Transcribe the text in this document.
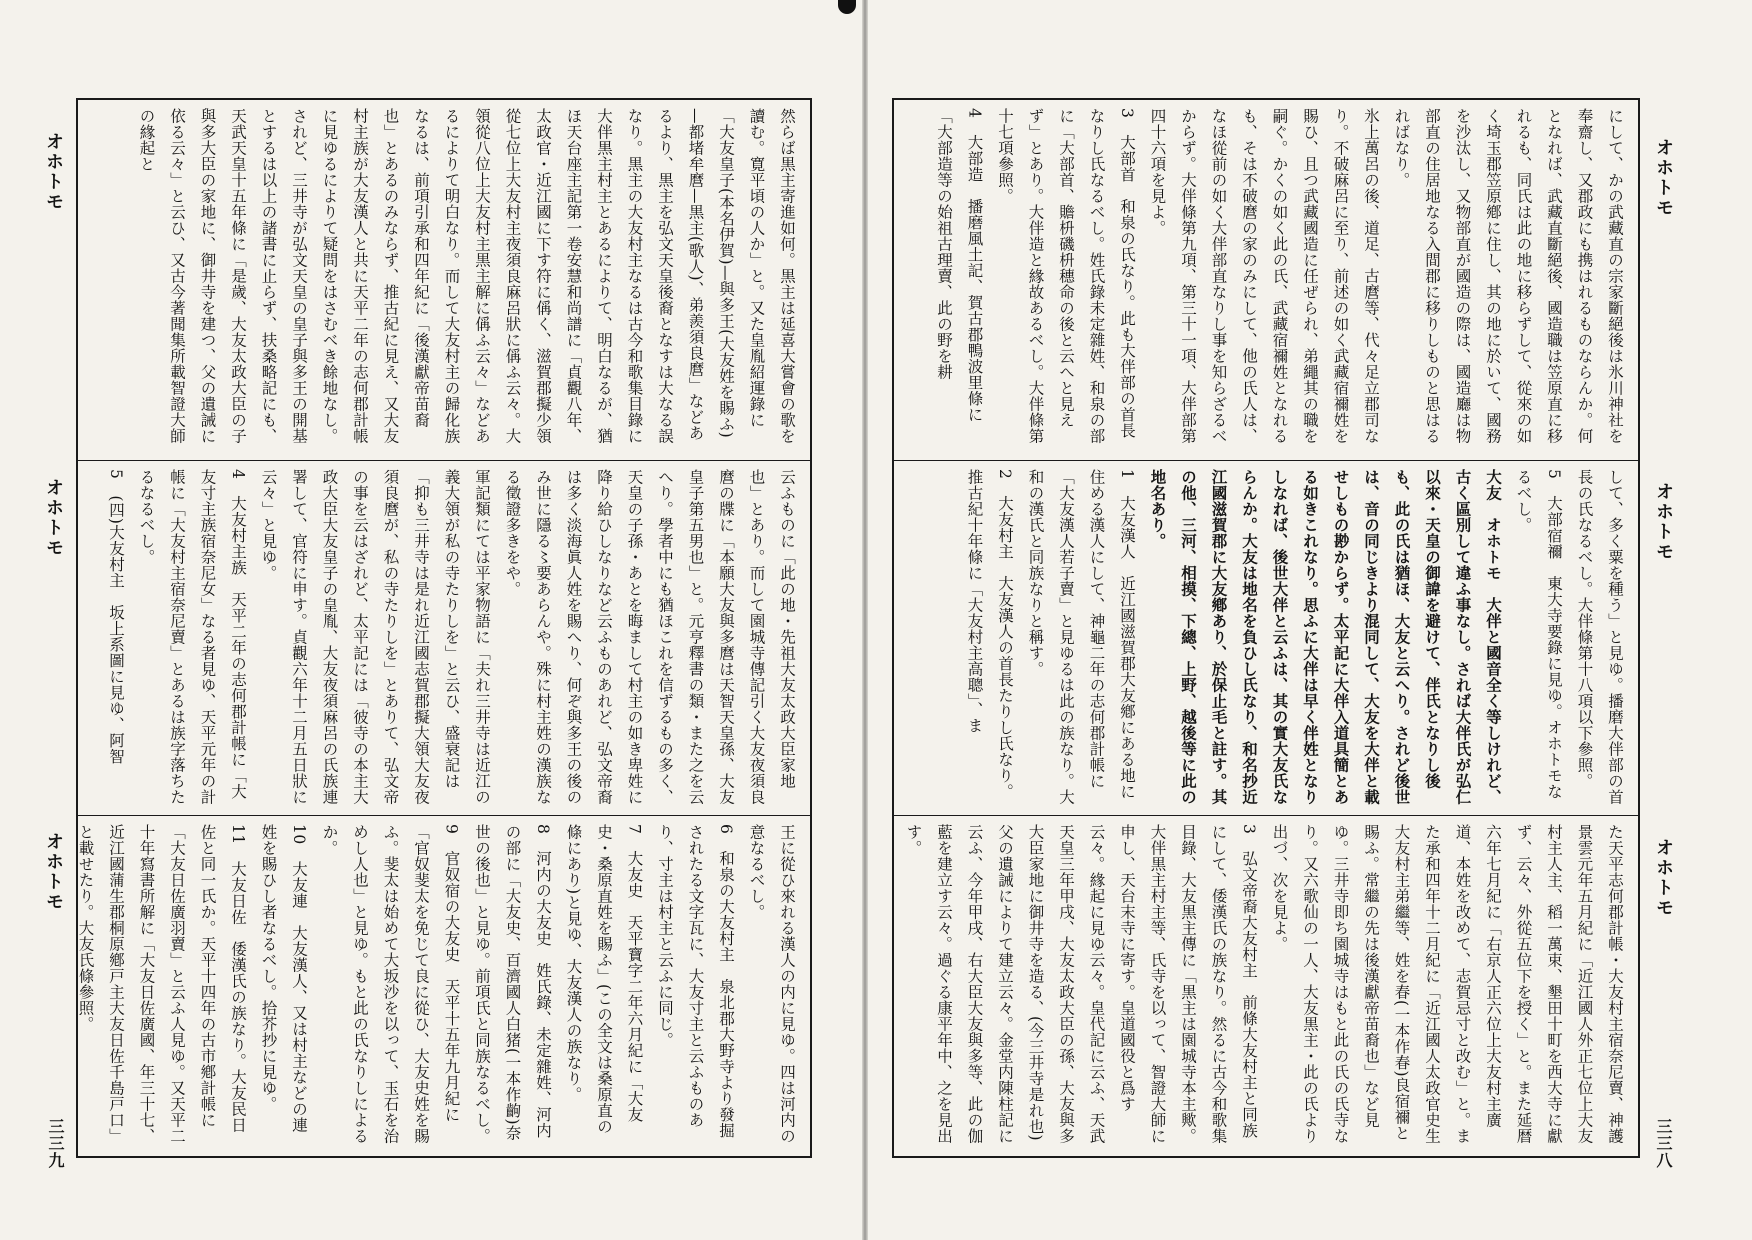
オホトモ
オホトモ
オホトモ
三三九

然らば黒主寄進如何。黒主は延喜大嘗會の歌を讀む。寛平頃の人か」と。又た皇胤紹運錄に「大友皇子(本名伊賀)—與多王(大友姓を賜ふ)—都堵牟麿—黒主(歌人)、弟羨須良麿」などあるより、黒主を弘文天皇後裔となすは大なる誤なり。黒主の大友村主なるは古今和歌集目錄に大伴黒主村主とあるによりて、明白なるが、猶ほ天台座主記第一卷安慧和尚譜に「貞觀八年、太政官・近江國に下す符に偁く、滋賀郡擬少領從七位上大友村主夜須良麻呂狀に偁ふ云々。大領從八位上大友村主黒主解に偁ふ云々」などあるによりて明白なり。而して大友村主の歸化族なるは、前項引承和四年紀に「後漢獻帝苗裔也」とあるのみならず、推古紀に見え、又大友村主族が大友漢人と共に天平二年の志何郡計帳に見ゆるによりて疑問をはさむべき餘地なし。

されど、三井寺が弘文天皇の皇子與多王の開基とするは以上の諸書に止らず、扶桑略記にも、天武天皇十五年條に「是歲、大友太政大臣の子與多大臣の家地に、御井寺を建つ、父の遺誡に依る云々」と云ひ、又古今著聞集所載智證大師の緣起と

云ふものに「此の地・先祖大友太政大臣家地也」とあり。而して園城寺傳記引く大友夜須良麿の牒に「本願大友與多麿は天智天皇孫、大友皇子第五男也」と。元亨釋書の類・また之を云へり。學者中にも猶ほこれを信ずるもの多く、天皇の子孫・あとを晦まして村主の如き卑姓に降り給ひしなりなど云ふものあれど、弘文帝裔は多く淡海眞人姓を賜へり、何ぞ與多王の後のみ世に隱る〻要あらんや。殊に村主姓の漢族なる徵證多きをや。

軍記類にては平家物語に「夫れ三井寺は近江の義大領が私の寺たりしを」と云ひ、盛衰記は「抑も三井寺は是れ近江國志賀郡擬大領大友夜須良麿が、私の寺たりしを」とありて、弘文帝の事を云はざれど、太平記には「彼寺の本主大政大臣大友皇子の皇胤、大友夜須麻呂の氏族連署して、官符に申す。貞觀六年十二月五日狀に云々」と見ゆ。

4　大友村主族　天平二年の志何郡計帳に「大友寸主族宿奈尼女」なる者見ゆ、天平元年の計帳に「大友村主宿奈尼賣」とあるは族字落ちたるなるべし。

5　(四)大友村主　坂上系圖に見ゆ、阿智

王に從ひ來れる漢人の内に見ゆ。四は河内の意なるべし。

6　和泉の大友村主　泉北郡大野寺より發掘されたる文字瓦に、大友寸主と云ふものあり、寸主は村主と云ふに同じ。

7　大友史　天平寶字二年六月紀に「大友史・桑原直姓を賜ふ」(この全文は桑原直の條にあり)と見ゆ、大友漢人の族なり。

8　河内の大友史　姓氏錄、未定雜姓、河内の部に「大友史、百濟國人白猪(一本作齣)奈世の後也」と見ゆ。前項氏と同族なるべし。

9　官奴宿の大友史　天平十五年九月紀に「官奴斐太を免じて良に從ひ、大友史姓を賜ふ。斐太は始めて大坂沙を以って、玉石を治めし人也」と見ゆ。もと此の氏なりしによるか。

10　大友連　大友漢人、又は村主などの連姓を賜ひし者なるべし。拾芥抄に見ゆ。

11　大友日佐　倭漢氏の族なり。大友民日佐と同一氏か。天平十四年の古市鄕計帳に「大友日佐廣羽賣」と云ふ人見ゆ。又天平二十年寫書所解に「大友日佐廣國、年三十七、近江國蒲生郡桐原鄕戸主大友日佐千島戸口」と載せたり。大友氏條參照。

オホトモ
オホトモ
オホトモ
三三八

にして、かの武藏直の宗家斷絕後は氷川神社を奉齋し、又郡政にも携はれるものならんか。何となれば、武藏直斷絕後、國造職は笠原直に移れるも、同氏は此の地に移らずして、從來の如く埼玉郡笠原鄕に住し、其の地に於いて、國務を沙汰し、又物部直が國造の際は、國造廳は物部直の住居地なる入間郡に移りしものと思はるればなり。

氷上萬呂の後、道足、古麿等、代々足立郡司なり。不破麻呂に至り、前述の如く武藏宿禰姓を賜ひ、且つ武藏國造に任ぜられ、弟繩其の職を嗣ぐ。かくの如く此の氏、武藏宿禰姓となれるも、そは不破麿の家のみにして、他の氏人は、なほ從前の如く大伴部直なりし事を知らざるべからず。大伴條第九項、第三十一項、大伴部第四十六項を見よ。

3　大部首　和泉の氏なり。此も大伴部の首長なりし氏なるべし。姓氏錄未定雜姓、和泉の部に「大部首、贍枡磯枡穗命の後と云へと見えず」とあり。大伴造と緣故あるべし。大伴條第十七項參照。

4　大部造　播磨風土記、賀古郡鴨波里條に「大部造等の始祖古理賣、此の野を耕

して、多く粟を種う」と見ゆ。播磨大伴部の首長の氏なるべし。大伴條第十八項以下參照。

5　大部宿禰　東大寺要錄に見ゆ。オホトモなるべし。

大友　オホトモ　大伴と國音全く等しけれど、古く區別して違ふ事なし。されば大伴氏が弘仁以來・天皇の御諱を避けて、伴氏となりし後も、此の氏は猶ほ、大友と云へり。されど後世は、音の同じきより混同して、大友を大伴と載せしもの尠からず。太平記に大伴入道具簡とある如きこれなり。思ふに大伴は早く伴姓となりしなれば、後世大伴と云ふは、其の實大友氏ならんか。大友は地名を負ひし氏なり、和名抄近江國滋賀郡に大友鄕あり、於保止毛と註す。其の他、三河、相摸、下總、上野、越後等に此の地名あり。

1　大友漢人　近江國滋賀郡大友鄕にある地に住める漢人にして、神龜二年の志何郡計帳に「大友漢人若子賣」と見ゆるは此の族なり。大和の漢氏と同族なりと稱す。

2　大友村主　大友漢人の首長たりし氏なり。推古紀十年條に「大友村主高聰」、ま

た天平志何郡計帳・大友村主宿奈尼賣、神護景雲元年五月紀に「近江國人外正七位上大友村主人主、稻一萬束、墾田十町を西大寺に獻ず、云々、外從五位下を授く」と。また延暦六年七月紀に「右京人正六位上大友村主廣道、本姓を改めて、志賀忌寸と改む」と。また承和四年十二月紀に「近江國人太政官史生大友村主弟繼等、姓を春(一本作春)良宿禰と賜ふ。常繼の先は後漢獻帝苗裔也」など見ゆ。三井寺即ち園城寺はもと此の氏の氏寺なり。又六歌仙の一人、大友黒主・此の氏より出づ、次を見よ。

3　弘文帝裔大友村主　前條大友村主と同族にして、倭漢氏の族なり。然るに古今和歌集目錄、大友黒主傳に「黒主は園城寺本主歟。大伴黒主村主等、氏寺を以って、智證大師に申し、天台末寺に寄す。皇道國役と爲す云々。緣起に見ゆ云々。皇代記に云ふ、天武天皇三年甲戌、大友太政大臣の孫、大友與多大臣家地に御井寺を造る、(今三井寺是れ也)父の遺誡によりて建立云々。金堂内陳柱記に云ふ、今年甲戌、右大臣大友與多等、此の伽藍を建立す云々。過ぐる康平年中、之を見出す。
